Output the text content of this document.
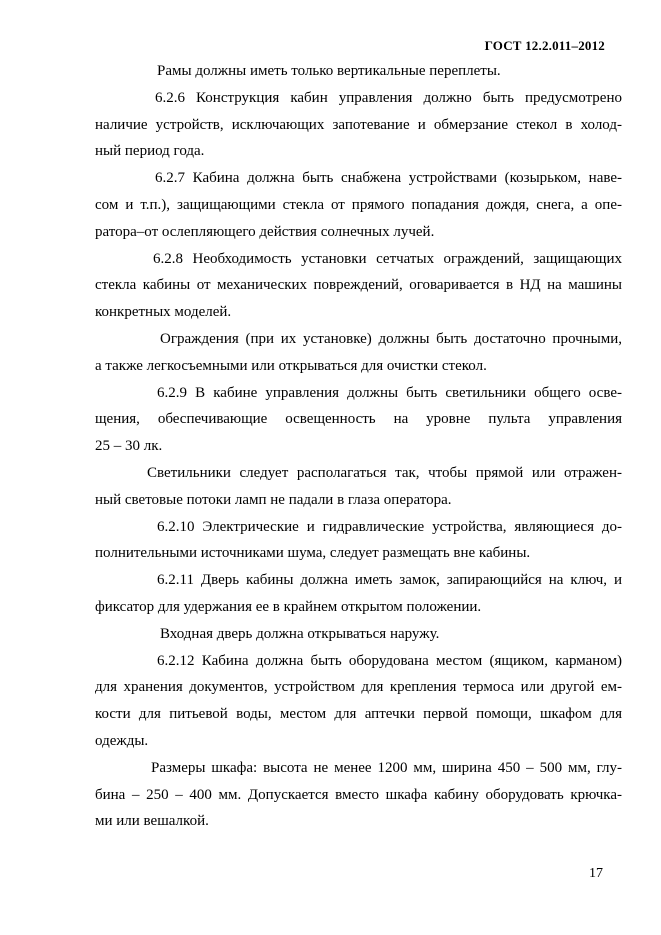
ГОСТ 12.2.011–2012

Рамы должны иметь только вертикальные переплеты.

6.2.6 Конструкция кабин управления должно быть предусмотрено
наличие устройств, исключающих запотевание и обмерзание стекол в холод-
ный период года.

6.2.7 Кабина должна быть снабжена устройствами (козырьком, наве-
сом и т.п.), защищающими стекла от прямого попадания дождя, снега, а опе-
ратора–от ослепляющего действия солнечных лучей.

6.2.8 Необходимость установки сетчатых ограждений, защищающих
стекла кабины от механических повреждений, оговаривается в НД на машины
конкретных моделей.

Ограждения (при их установке) должны быть достаточно прочными,
а также легкосъемными или открываться для очистки стекол.

6.2.9 В кабине управления должны быть светильники общего осве-
щения, обеспечивающие освещенность на уровне пульта управления
25 – 30 лк.

Светильники следует располагаться так, чтобы прямой или отражен-
ный световые потоки ламп не падали в глаза оператора.

6.2.10 Электрические и гидравлические устройства, являющиеся до-
полнительными источниками шума, следует размещать вне кабины.

6.2.11 Дверь кабины должна иметь замок, запирающийся на ключ, и
фиксатор для удержания ее в крайнем открытом положении.

Входная дверь должна открываться наружу.

6.2.12 Кабина должна быть оборудована местом (ящиком, карманом)
для хранения документов, устройством для крепления термоса или другой ем-
кости для питьевой воды, местом для аптечки первой помощи, шкафом для
одежды.

Размеры шкафа: высота не менее 1200 мм, ширина 450 – 500 мм, глу-
бина – 250 – 400 мм. Допускается вместо шкафа кабину оборудовать крючка-
ми или вешалкой.

17
